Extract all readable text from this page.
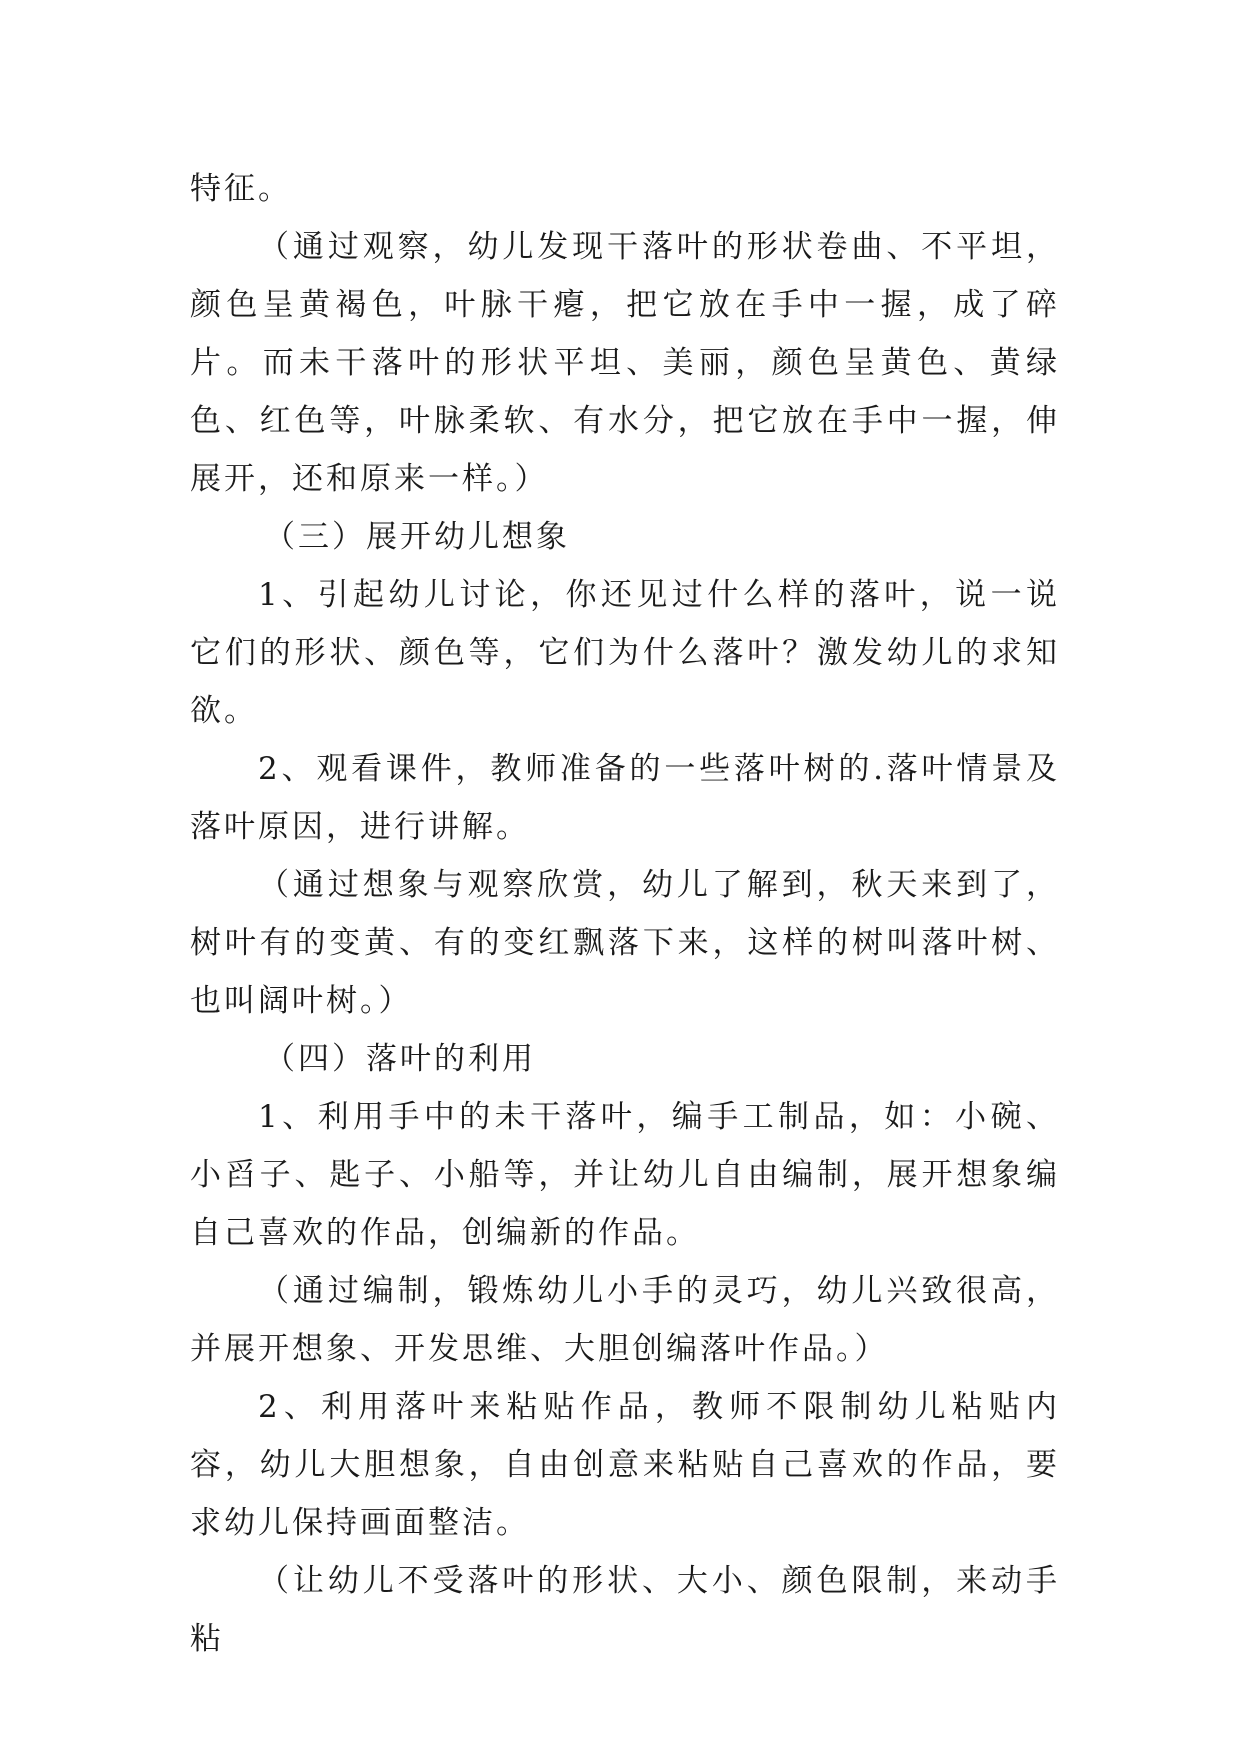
特征。

（通过观察，幼儿发现干落叶的形状卷曲、不平坦，颜色呈黄褐色，叶脉干瘪，把它放在手中一握，成了碎片。而未干落叶的形状平坦、美丽，颜色呈黄色、黄绿色、红色等，叶脉柔软、有水分，把它放在手中一握，伸展开，还和原来一样。）

（三）展开幼儿想象

1、引起幼儿讨论，你还见过什么样的落叶，说一说它们的形状、颜色等，它们为什么落叶？激发幼儿的求知欲。

2、观看课件，教师准备的一些落叶树的.落叶情景及落叶原因，进行讲解。

（通过想象与观察欣赏，幼儿了解到，秋天来到了，树叶有的变黄、有的变红飘落下来，这样的树叫落叶树、也叫阔叶树。）

（四）落叶的利用

1、利用手中的未干落叶，编手工制品，如：小碗、小舀子、匙子、小船等，并让幼儿自由编制，展开想象编自己喜欢的作品，创编新的作品。

（通过编制，锻炼幼儿小手的灵巧，幼儿兴致很高，并展开想象、开发思维、大胆创编落叶作品。）

2、利用落叶来粘贴作品，教师不限制幼儿粘贴内容，幼儿大胆想象，自由创意来粘贴自己喜欢的作品，要求幼儿保持画面整洁。

（让幼儿不受落叶的形状、大小、颜色限制，来动手粘
